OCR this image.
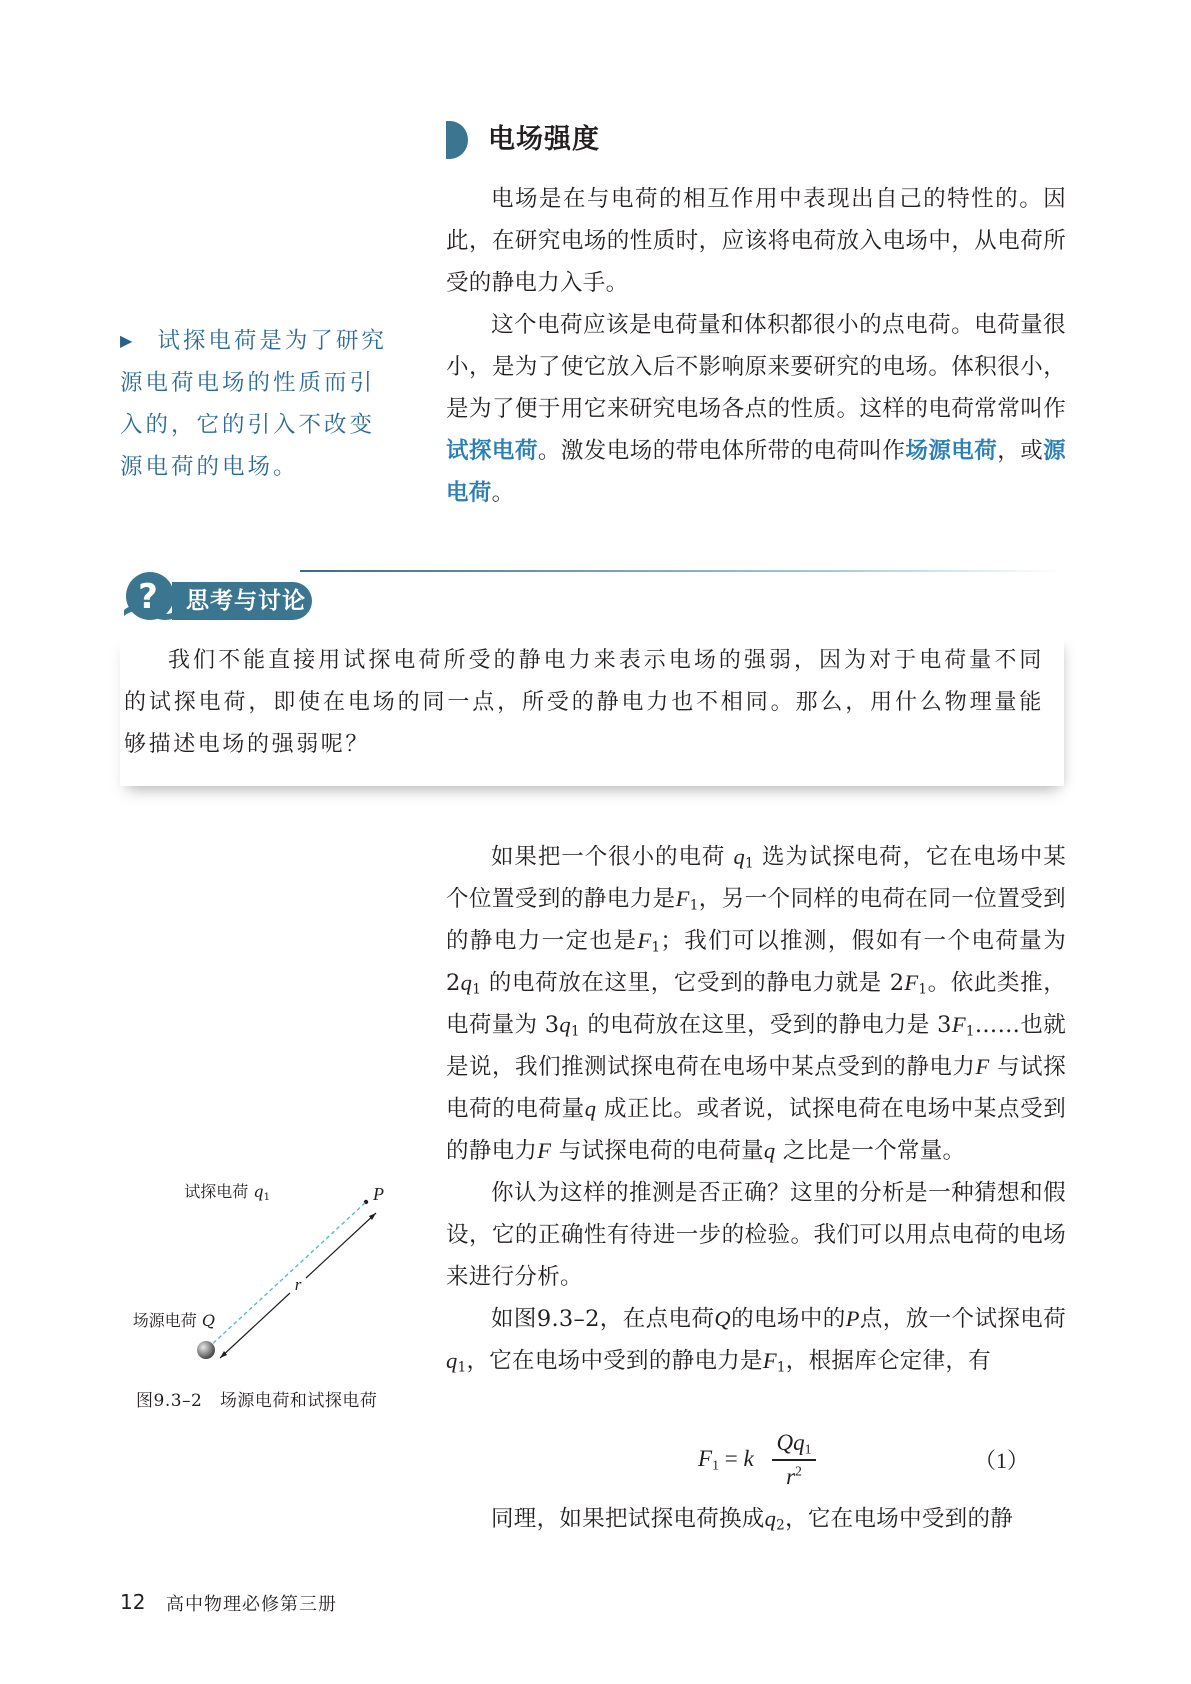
电场强度

电场是在与电荷的相互作用中表现出自己的特性的。因此，在研究电场的性质时，应该将电荷放入电场中，从电荷所受的静电力入手。

这个电荷应该是电荷量和体积都很小的点电荷。电荷量很小，是为了使它放入后不影响原来要研究的电场。体积很小，是为了便于用它来研究电场各点的性质。这样的电荷常常叫作试探电荷。激发电场的带电体所带的电荷叫作场源电荷，或源电荷。

▶ 试探电荷是为了研究源电荷电场的性质而引入的，它的引入不改变源电荷的电场。
?	思考与讨论

我们不能直接用试探电荷所受的静电力来表示电场的强弱，因为对于电荷量不同的试探电荷，即使在电场的同一点，所受的静电力也不相同。那么，用什么物理量能够描述电场的强弱呢？

如果把一个很小的电荷 $q_1$ 选为试探电荷，它在电场中某个位置受到的静电力是$F_1$，另一个同样的电荷在同一位置受到的静电力一定也是$F_1$；我们可以推测，假如有一个电荷量为 $2q_1$ 的电荷放在这里，它受到的静电力就是 $2F_1$。依此类推，电荷量为 $3q_1$ 的电荷放在这里，受到的静电力是 $3F_1\dots\dots$也就是说，我们推测试探电荷在电场中某点受到的静电力F 与试探电荷的电荷量q 成正比。或者说，试探电荷在电场中某点受到的静电力F 与试探电荷的电荷量q 之比是一个常量。

你认为这样的推测是否正确？这里的分析是一种猜想和假设，它的正确性有待进一步的检验。我们可以用点电荷的电场来进行分析。

如图9.3–2，在点电荷Q的电场中的P点，放一个试探电荷$q_1$，它在电场中受到的静电力是$F_1$，根据库仑定律，有

$F_1 = k$
$Qq_1$
$r^2$	（1）

同理，如果把试探电荷换成$q_2$，它在电场中受到的静

试探电荷 q1	P
场源电荷 Q
r
图9.3–2　场源电荷和试探电荷
12 高中物理必修第三册
